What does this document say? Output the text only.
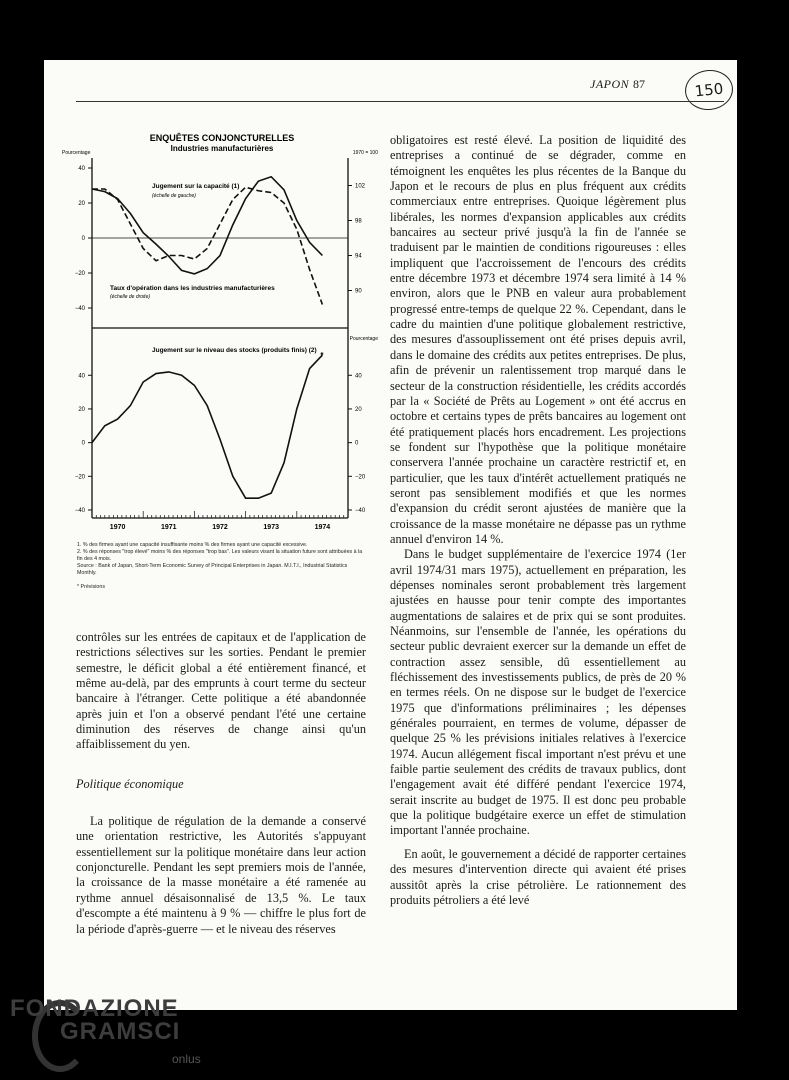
JAPON 87	150
ENQUÊTES CONJONCTURELLES
Industries manufacturières
Pourcentage	1970 = 100
40
20
0
−20
−40
102
98
94
90
Jugement sur la capacité (1)
(échelle de gauche)
Taux d'opération dans les industries manufacturières
(échelle de droite)
Jugement sur le niveau des stocks (produits finis) (2)
Pourcentage
40	40
20	20
0	0
−20	−20
−40	−40
*
1970	1971	1972	1973	1974
1. % des firmes ayant une capacité insuffisante moins % des firmes ayant une capacité excessive.
2. % des réponses "trop élevé" moins % des réponses "trop bas". Les valeurs visant la situation future sont attribuées à la fin des 4 mois.
Source : Bank of Japan, Short-Term Economic Survey of Principal Enterprises in Japan. M.I.T.I., Industrial Statistics Monthly.
* Prévisions

obligatoires est resté élevé. La position de liquidité des entreprises a continué de se dégrader, comme en témoignent les enquêtes les plus récentes de la Banque du Japon et le recours de plus en plus fréquent aux crédits commerciaux entre entreprises. Quoique légèrement plus libérales, les normes d'expansion applicables aux crédits bancaires au secteur privé jusqu'à la fin de l'année se traduisent par le maintien de conditions rigoureuses : elles impliquent que l'accroissement de l'encours des crédits entre décembre 1973 et décembre 1974 sera limité à 14 % environ, alors que le PNB en valeur aura probablement progressé entre-temps de quelque 22 %. Cependant, dans le cadre du maintien d'une politique globalement restrictive, des mesures d'assouplissement ont été prises depuis avril, dans le domaine des crédits aux petites entreprises. De plus, afin de prévenir un ralentissement trop marqué dans le secteur de la construction résidentielle, les crédits accordés par la « Société de Prêts au Logement » ont été accrus en octobre et certains types de prêts bancaires au logement ont été pratiquement placés hors encadrement. Les projections se fondent sur l'hypothèse que la politique monétaire conservera l'année prochaine un caractère restrictif et, en particulier, que les taux d'intérêt actuellement pratiqués ne seront pas sensiblement modifiés et que les normes d'expansion du crédit seront ajustées de manière que la croissance de la masse monétaire ne dépasse pas un rythme annuel d'environ 14 %.

Dans le budget supplémentaire de l'exercice 1974 (1er avril 1974/31 mars 1975), actuellement en préparation, les dépenses nominales seront probablement très largement ajustées en hausse pour tenir compte des importantes augmentations de salaires et de prix qui se sont produites. Néanmoins, sur l'ensemble de l'année, les opérations du secteur public devraient exercer sur la demande un effet de contraction assez sensible, dû essentiellement au fléchissement des investissements publics, de près de 20 % en termes réels. On ne dispose sur le budget de l'exercice 1975 que d'informations préliminaires ; les dépenses générales pourraient, en termes de volume, dépasser de quelque 25 % les prévisions initiales relatives à l'exercice 1974. Aucun allégement fiscal important n'est prévu et une faible partie seulement des crédits de travaux publics, dont l'engagement avait été différé pendant l'exercice 1974, serait inscrite au budget de 1975. Il est donc peu probable que la politique budgétaire exerce un effet de stimulation important l'année prochaine.

En août, le gouvernement a décidé de rapporter certaines des mesures d'intervention directe qui avaient été prises aussitôt après la crise pétrolière. Le rationnement des produits pétroliers a été levé

contrôles sur les entrées de capitaux et de l'application de restrictions sélectives sur les sorties. Pendant le premier semestre, le déficit global a été entièrement financé, et même au-delà, par des emprunts à court terme du secteur bancaire à l'étranger. Cette politique a été abandonnée après juin et l'on a observé pendant l'été une certaine diminution des réserves de change ainsi qu'un affaiblissement du yen.

Politique économique

La politique de régulation de la demande a conservé une orientation restrictive, les Autorités s'appuyant essentiellement sur la politique monétaire dans leur action conjoncturelle. Pendant les sept premiers mois de l'année, la croissance de la masse monétaire a été ramenée au rythme annuel désaisonnalisé de 13,5 %. Le taux d'escompte a été maintenu à 9 % — chiffre le plus fort de la période d'après-guerre — et le niveau des réserves

FONDAZIONE
GRAMSCI
onlus
